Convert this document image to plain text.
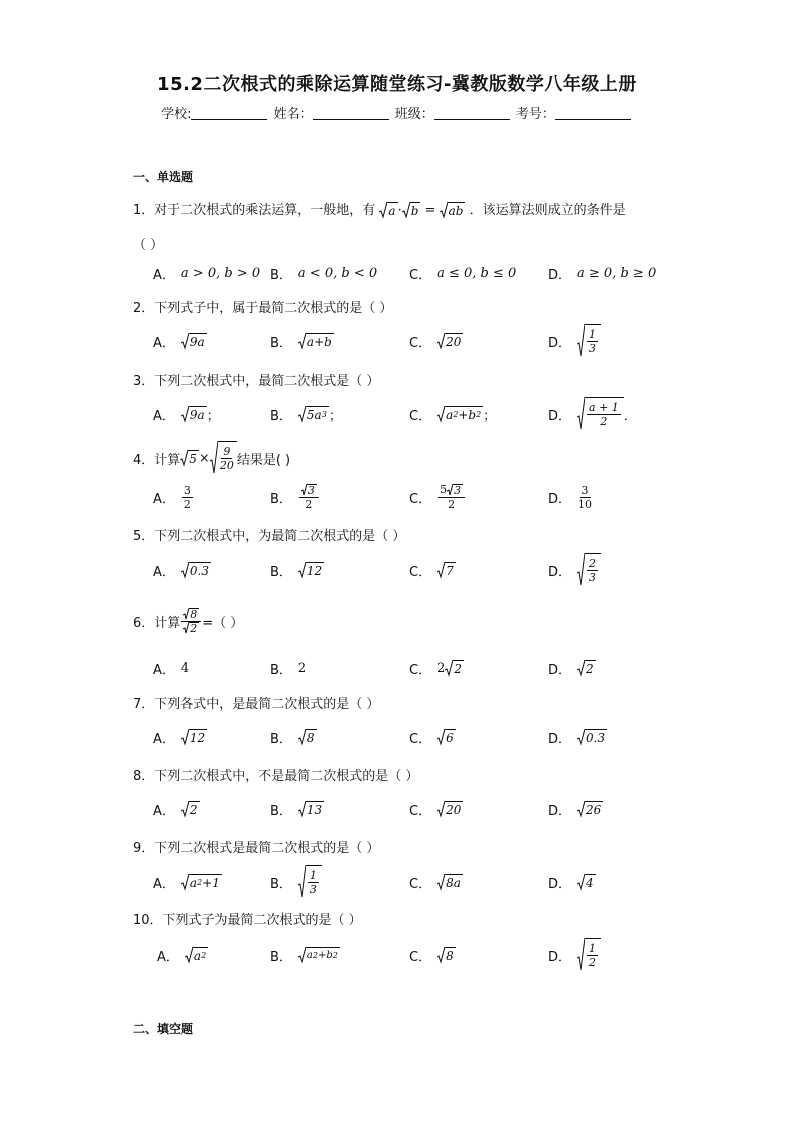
15.2二次根式的乘除运算随堂练习-冀教版数学八年级上册
学校:	姓名：	班级：	考号：
一、单选题
1．对于二次根式的乘法运算，一般地，有 a · b = ab ．该运算法则成立的条件是
（ ）
A． a > 0, b > 0 B． a < 0, b < 0 C． a ≤ 0, b ≤ 0 D． a ≥ 0, b ≥ 0
2．下列式子中，属于最简二次根式的是（ ）
A． 9a	B． a+b	C． 20	D． $\frac{1}{3}$
3．下列二次根式中，最简二次根式是（ ）
A． 9a ；	B． 5a 3 ；	C． a 2 +b 2 ；	D． $\frac{a + 1}{2}$ ．
4．计算 $5 \times \frac{9}{20}$ 结果是( )
A． $\frac{3}{2}$	B． $\frac{3}{2}$	C． $\frac{5 3}{2}$	D． $\frac{3}{10}$
5．下列二次根式中，为最简二次根式的是（ ）
A． 0.3	B． 12	C． 7	D． $\frac{2}{3}$
6．计算 $\frac{8}{2}$ =（ ）
A． 4	B． 2	C． 2 2	D． 2
7．下列各式中，是最简二次根式的是（ ）
A． 12	B． 8	C． 6	D． 0.3
8．下列二次根式中，不是最简二次根式的是（ ）
A． 2	B． 13	C． 20	D． 26
9．下列二次根式是最简二次根式的是（ ）
A． a 2 +1	B． $\frac{1}{3}$	C． 8a	D． 4
10．下列式子为最简二次根式的是（ ）
A． a 2	B． a 2 +b 2	C． 8	D． $\frac{1}{2}$
二、填空题
